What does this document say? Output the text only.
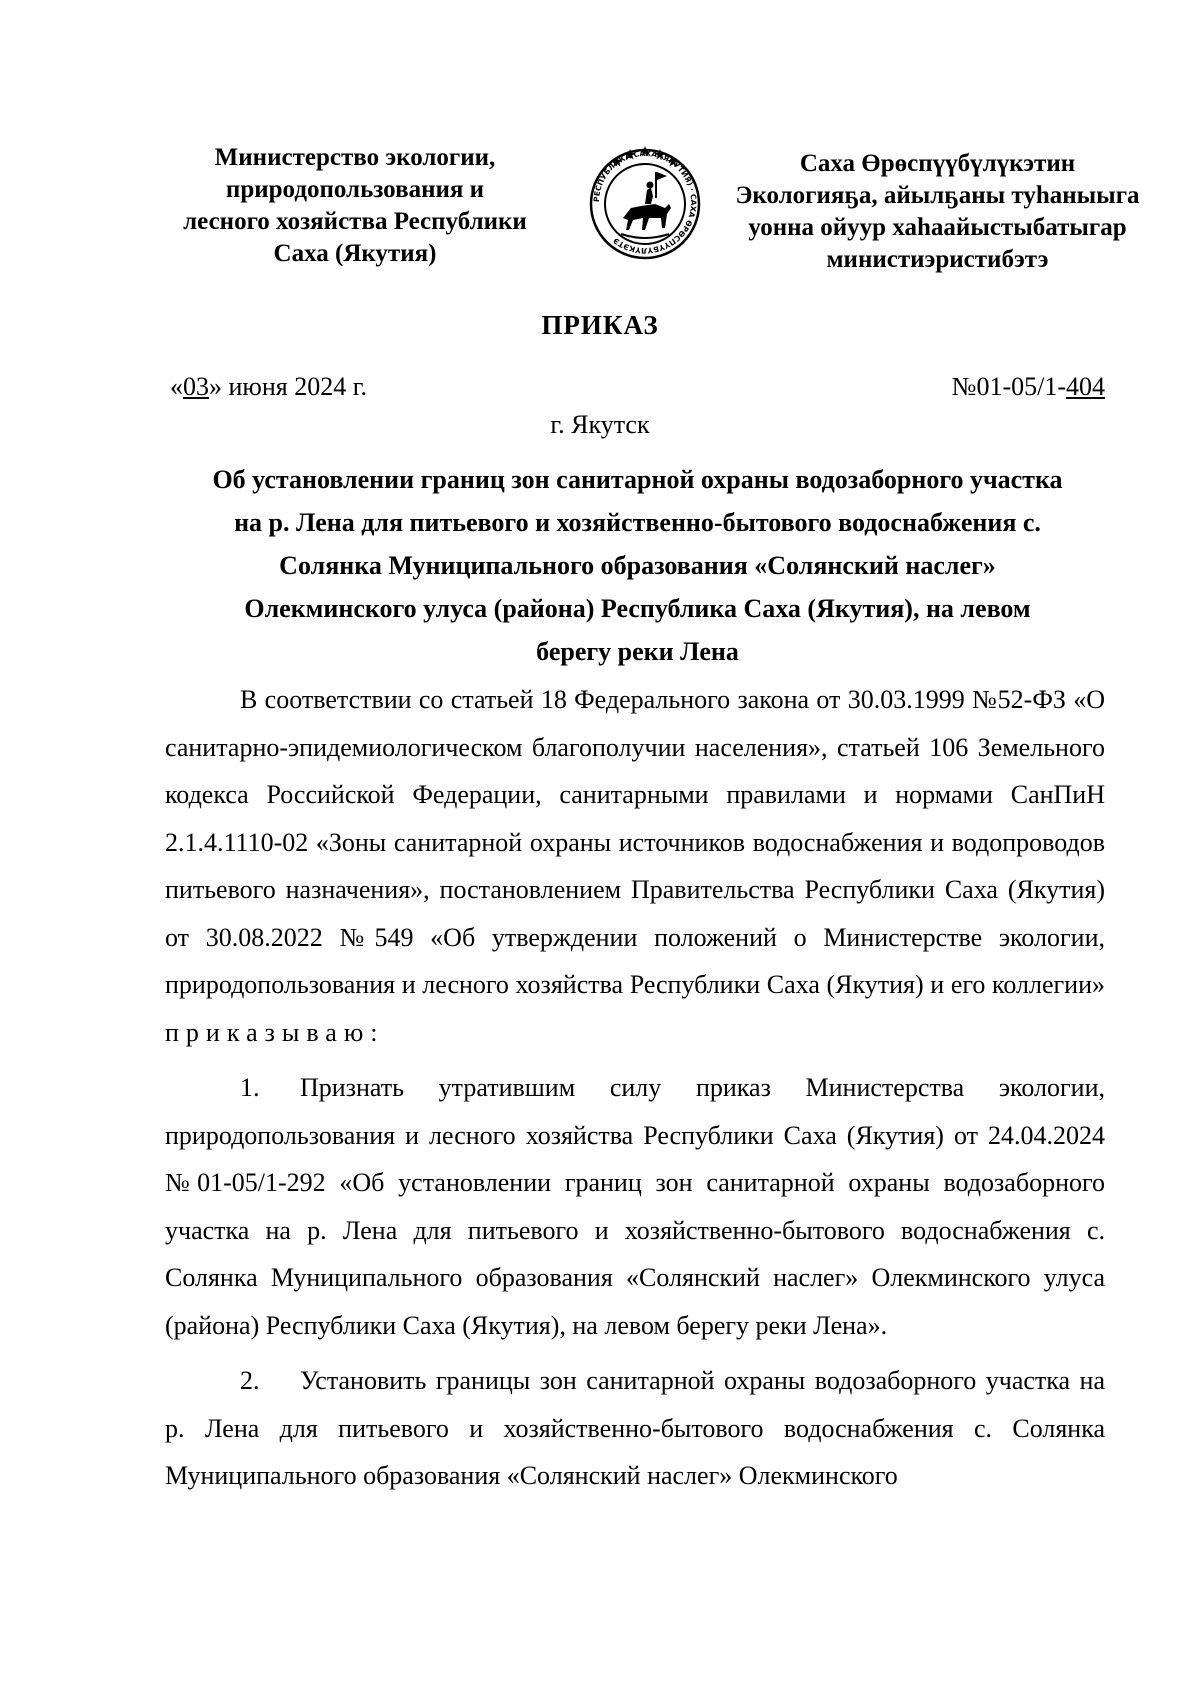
Министерство экологии,
природопользования и
лесного хозяйства Республики
Саха (Якутия)
РЕСПУБЛИКА САХА (ЯКУТИЯ) · САХА ӨРӨСПҮҮБҮЛҮКЭТЭ
Саха Өрөспүүбүлүкэтин
Экологияҕа, айылҕаны туһаныыга
уонна ойуур хаһаайыстыбатыгар
министиэристибэтэ
ПРИКАЗ
«03» июня 2024 г.	№01-05/1-404
г. Якутск
Об установлении границ зон санитарной охраны водозаборного участка
на р. Лена для питьевого и хозяйственно-бытового водоснабжения с.
Солянка Муниципального образования «Солянский наслег»
Олекминского улуса (района) Республика Саха (Якутия), на левом
берегу реки Лена

В соответствии со статьей 18 Федерального закона от 30.03.1999 №52-ФЗ «О санитарно-эпидемиологическом благополучии населения», статьей 106 Земельного кодекса Российской Федерации, санитарными правилами и нормами СанПиН 2.1.4.1110-02 «Зоны санитарной охраны источников водоснабжения и водопроводов питьевого назначения», постановлением Правительства Республики Саха (Якутия) от 30.08.2022 №549 «Об утверждении положений о Министерстве экологии, природопользования и лесного хозяйства Республики Саха (Якутия) и его коллегии» приказываю:

1. Признать утратившим силу приказ Министерства экологии, природопользования и лесного хозяйства Республики Саха (Якутия) от 24.04.2024 №01-05/1-292 «Об установлении границ зон санитарной охраны водозаборного участка на р. Лена для питьевого и хозяйственно-бытового водоснабжения с. Солянка Муниципального образования «Солянский наслег» Олекминского улуса (района) Республики Саха (Якутия), на левом берегу реки Лена».

2. Установить границы зон санитарной охраны водозаборного участка на р. Лена для питьевого и хозяйственно-бытового водоснабжения с. Солянка Муниципального образования «Солянский наслег» Олекминского
